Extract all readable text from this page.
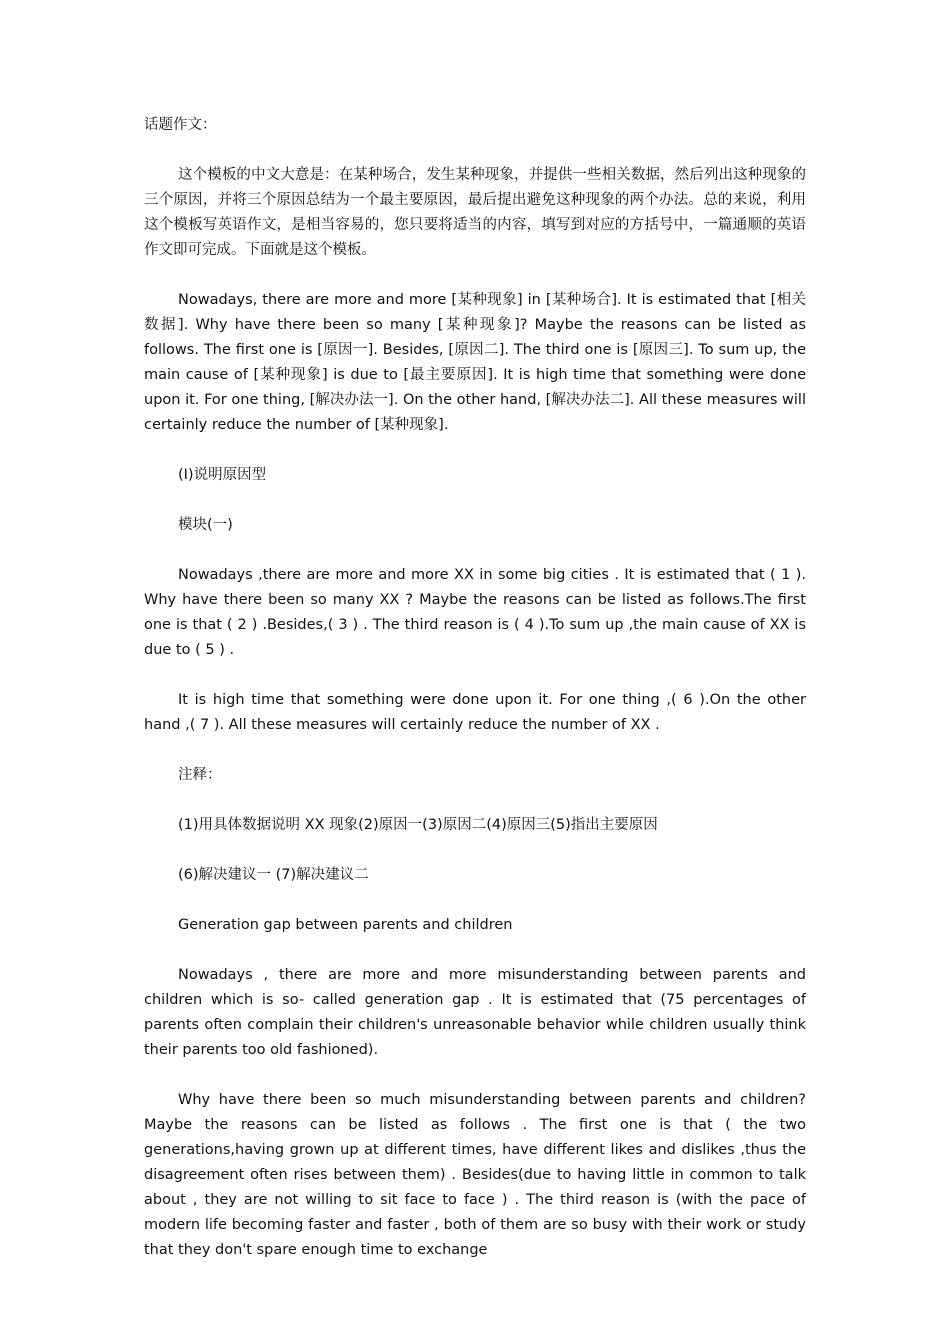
话题作文：

这个模板的中文大意是：在某种场合，发生某种现象，并提供一些相关数据，然后列出这种现象的三个原因，并将三个原因总结为一个最主要原因，最后提出避免这种现象的两个办法。总的来说，利用这个模板写英语作文，是相当容易的，您只要将适当的内容，填写到对应的方括号中，一篇通顺的英语作文即可完成。下面就是这个模板。

Nowadays, there are more and more [某种现象] in [某种场合]. It is estimated that [相关数据]. Why have there been so many [某种现象]? Maybe the reasons can be listed as follows. The first one is [原因一]. Besides, [原因二]. The third one is [原因三]. To sum up, the main cause of [某种现象] is due to [最主要原因]. It is high time that something were done upon it. For one thing, [解决办法一]. On the other hand, [解决办法二]. All these measures will certainly reduce the number of [某种现象].

(I)说明原因型

模块(一)

Nowadays ,there are more and more XX in some big cities . It is estimated that ( 1 ). Why have there been so many XX ? Maybe the reasons can be listed as follows.The first one is that ( 2 ) .Besides,( 3 ) . The third reason is ( 4 ).To sum up ,the main cause of XX is due to ( 5 ) .

It is high time that something were done upon it. For one thing ,( 6 ).On the other hand ,( 7 ). All these measures will certainly reduce the number of XX .

注释：

(1)用具体数据说明 XX 现象(2)原因一(3)原因二(4)原因三(5)指出主要原因

(6)解决建议一 (7)解决建议二

Generation gap between parents and children

Nowadays , there are more and more misunderstanding between parents and children which is so- called generation gap . It is estimated that (75 percentages of parents often complain their children's unreasonable behavior while children usually think their parents too old fashioned).

Why have there been so much misunderstanding between parents and children?Maybe the reasons can be listed as follows . The first one is that ( the two generations,having grown up at different times, have different likes and dislikes ,thus the disagreement often rises between them) . Besides(due to having little in common to talk about , they are not willing to sit face to face ) . The third reason is (with the pace of modern life becoming faster and faster , both of them are so busy with their work or study that they don't spare enough time to exchange
